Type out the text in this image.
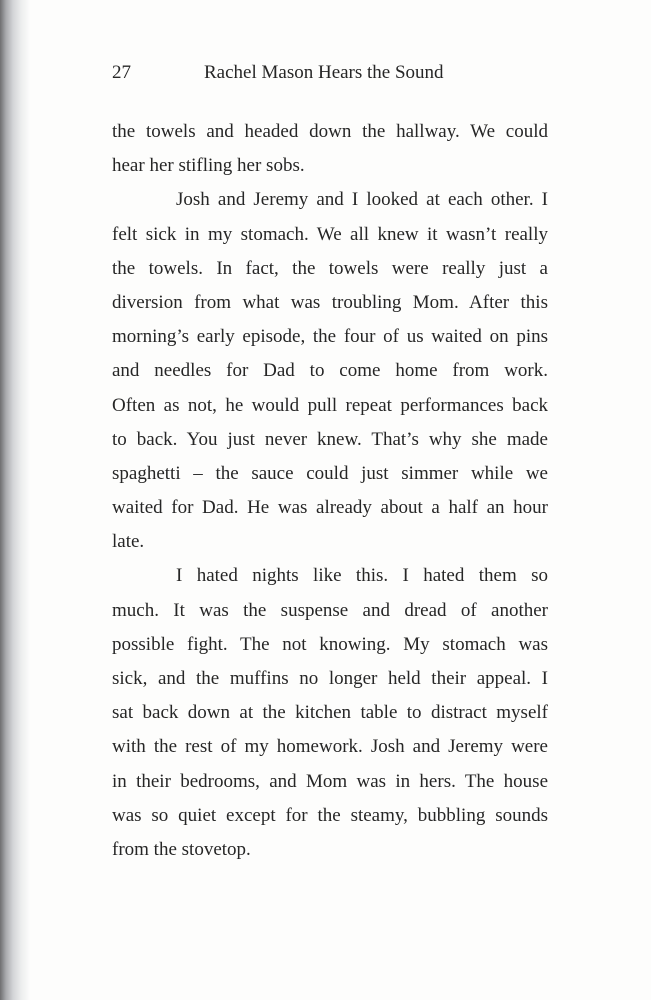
27	Rachel Mason Hears the Sound
the towels and headed down the hallway. We could
hear her stifling her sobs.
Josh and Jeremy and I looked at each other. I
felt sick in my stomach. We all knew it wasn’t really
the towels. In fact, the towels were really just a
diversion from what was troubling Mom. After this
morning’s early episode, the four of us waited on pins
and needles for Dad to come home from work.
Often as not, he would pull repeat performances back
to back. You just never knew. That’s why she made
spaghetti – the sauce could just simmer while we
waited for Dad. He was already about a half an hour
late.
I hated nights like this. I hated them so
much. It was the suspense and dread of another
possible fight. The not knowing. My stomach was
sick, and the muffins no longer held their appeal. I
sat back down at the kitchen table to distract myself
with the rest of my homework. Josh and Jeremy were
in their bedrooms, and Mom was in hers. The house
was so quiet except for the steamy, bubbling sounds
from the stovetop.
